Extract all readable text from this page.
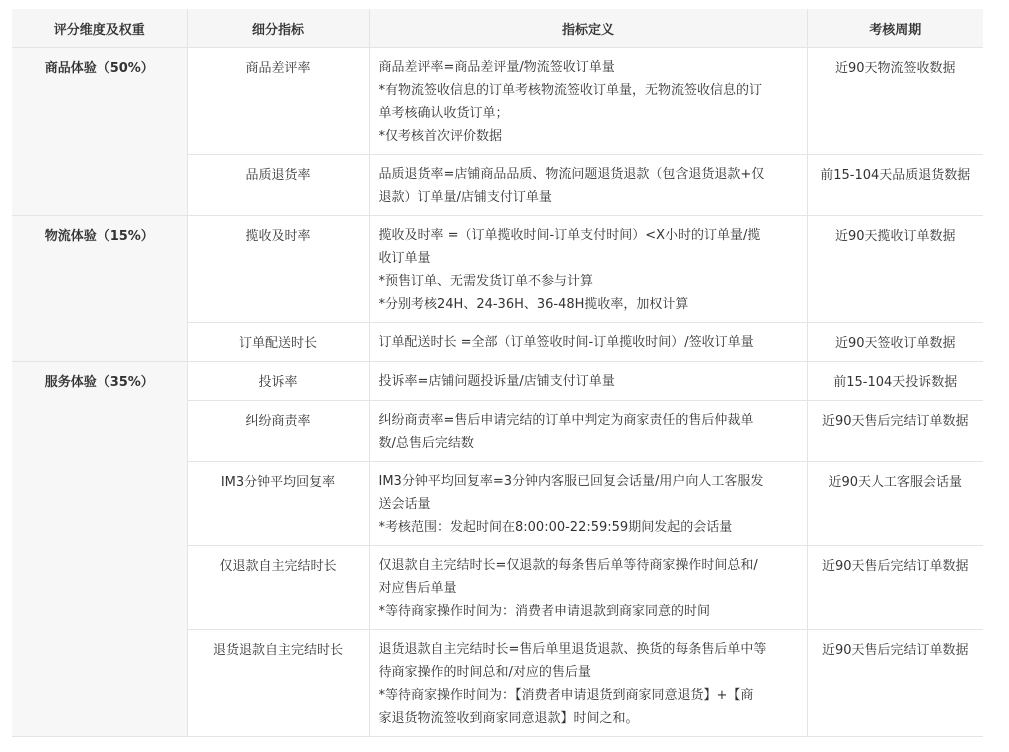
评分维度及权重	细分指标	指标定义	考核周期
商品体验（50%）	商品差评率	商品差评率=商品差评量/物流签收订单量
*有物流签收信息的订单考核物流签收订单量，无物流签收信息的订
单考核确认收货订单；
*仅考核首次评价数据	近90天物流签收数据
	品质退货率	品质退货率=店铺商品品质、物流问题退货退款（包含退货退款+仅
退款）订单量/店铺支付订单量	前15-104天品质退货数据
物流体验（15%）	揽收及时率	揽收及时率 =（订单揽收时间-订单支付时间）<X小时的订单量/揽
收订单量
*预售订单、无需发货订单不参与计算
*分别考核24H、24-36H、36-48H揽收率，加权计算	近90天揽收订单数据
	订单配送时长	订单配送时长 =全部（订单签收时间-订单揽收时间）/签收订单量	近90天签收订单数据
服务体验（35%）	投诉率	投诉率=店铺问题投诉量/店铺支付订单量	前15-104天投诉数据
	纠纷商责率	纠纷商责率=售后申请完结的订单中判定为商家责任的售后仲裁单
数/总售后完结数	近90天售后完结订单数据
	IM3分钟平均回复率	IM3分钟平均回复率=3分钟内客服已回复会话量/用户向人工客服发
送会话量
*考核范围：发起时间在8:00:00-22:59:59期间发起的会话量	近90天人工客服会话量
	仅退款自主完结时长	仅退款自主完结时长=仅退款的每条售后单等待商家操作时间总和/
对应售后单量
*等待商家操作时间为：消费者申请退款到商家同意的时间	近90天售后完结订单数据
	退货退款自主完结时长	退货退款自主完结时长=售后单里退货退款、换货的每条售后单中等
待商家操作的时间总和/对应的售后量
*等待商家操作时间为：【消费者申请退货到商家同意退货】+【商
家退货物流签收到商家同意退款】时间之和。	近90天售后完结订单数据
